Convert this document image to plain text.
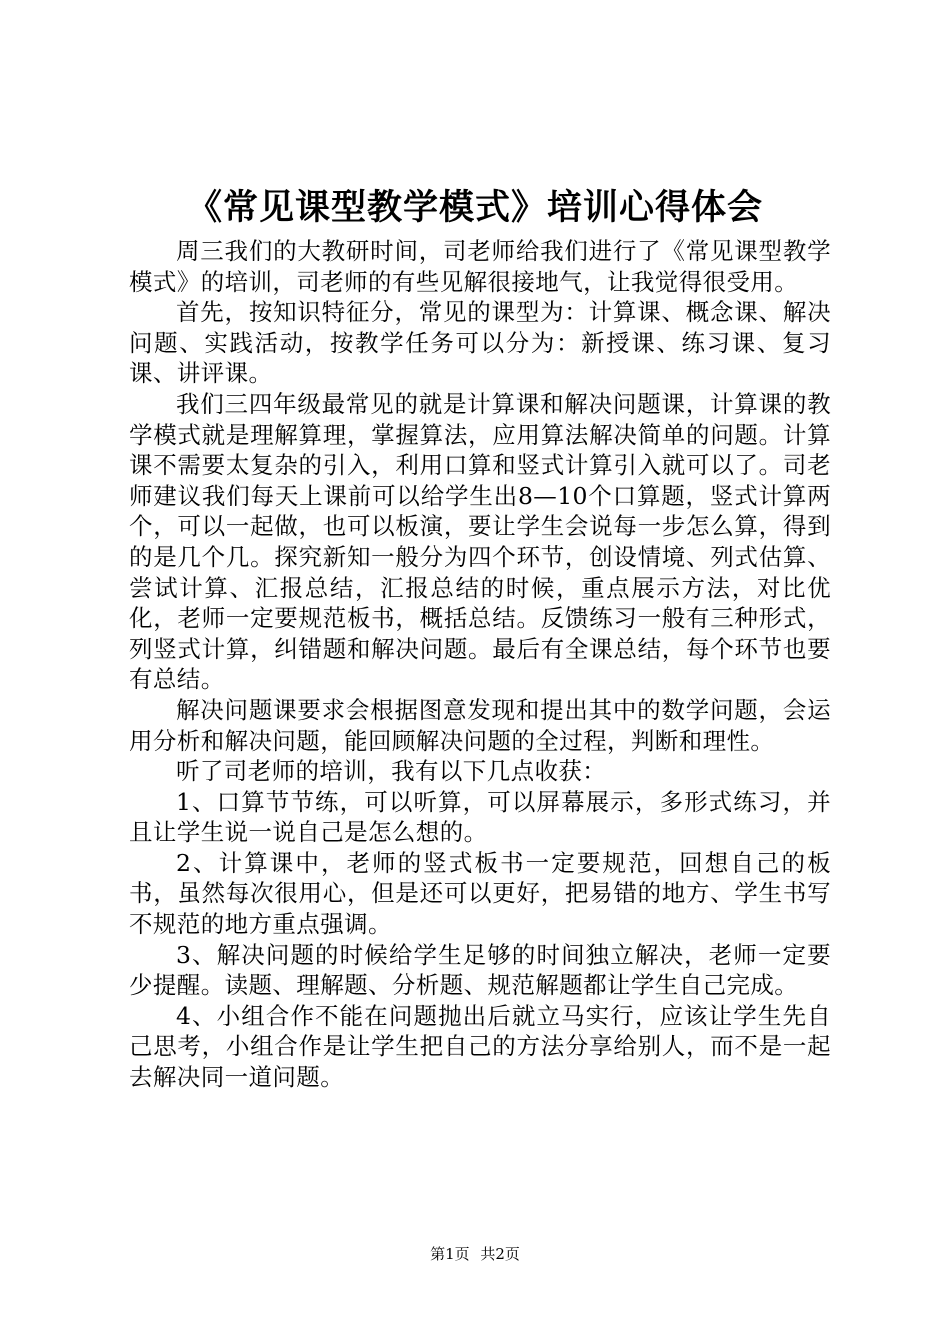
《常见课型教学模式》培训心得体会

周三我们的大教研时间，司老师给我们进行了《常见课型教学模式》的培训，司老师的有些见解很接地气，让我觉得很受用。

首先，按知识特征分，常见的课型为：计算课、概念课、解决问题、实践活动，按教学任务可以分为：新授课、练习课、复习课、讲评课。

我们三四年级最常见的就是计算课和解决问题课，计算课的教学模式就是理解算理，掌握算法，应用算法解决简单的问题。计算课不需要太复杂的引入，利用口算和竖式计算引入就可以了。司老师建议我们每天上课前可以给学生出8—10个口算题，竖式计算两个，可以一起做，也可以板演，要让学生会说每一步怎么算，得到的是几个几。探究新知一般分为四个环节，创设情境、列式估算、尝试计算、汇报总结，汇报总结的时候，重点展示方法，对比优化，老师一定要规范板书，概括总结。反馈练习一般有三种形式，列竖式计算，纠错题和解决问题。最后有全课总结，每个环节也要有总结。

解决问题课要求会根据图意发现和提出其中的数学问题，会运用分析和解决问题，能回顾解决问题的全过程，判断和理性。

听了司老师的培训，我有以下几点收获：

1、口算节节练，可以听算，可以屏幕展示，多形式练习，并且让学生说一说自己是怎么想的。

2、计算课中，老师的竖式板书一定要规范，回想自己的板书，虽然每次很用心，但是还可以更好，把易错的地方、学生书写不规范的地方重点强调。

3、解决问题的时候给学生足够的时间独立解决，老师一定要少提醒。读题、理解题、分析题、规范解题都让学生自己完成。

4、小组合作不能在问题抛出后就立马实行，应该让学生先自己思考，小组合作是让学生把自己的方法分享给别人，而不是一起去解决同一道问题。

第1页 共2页
